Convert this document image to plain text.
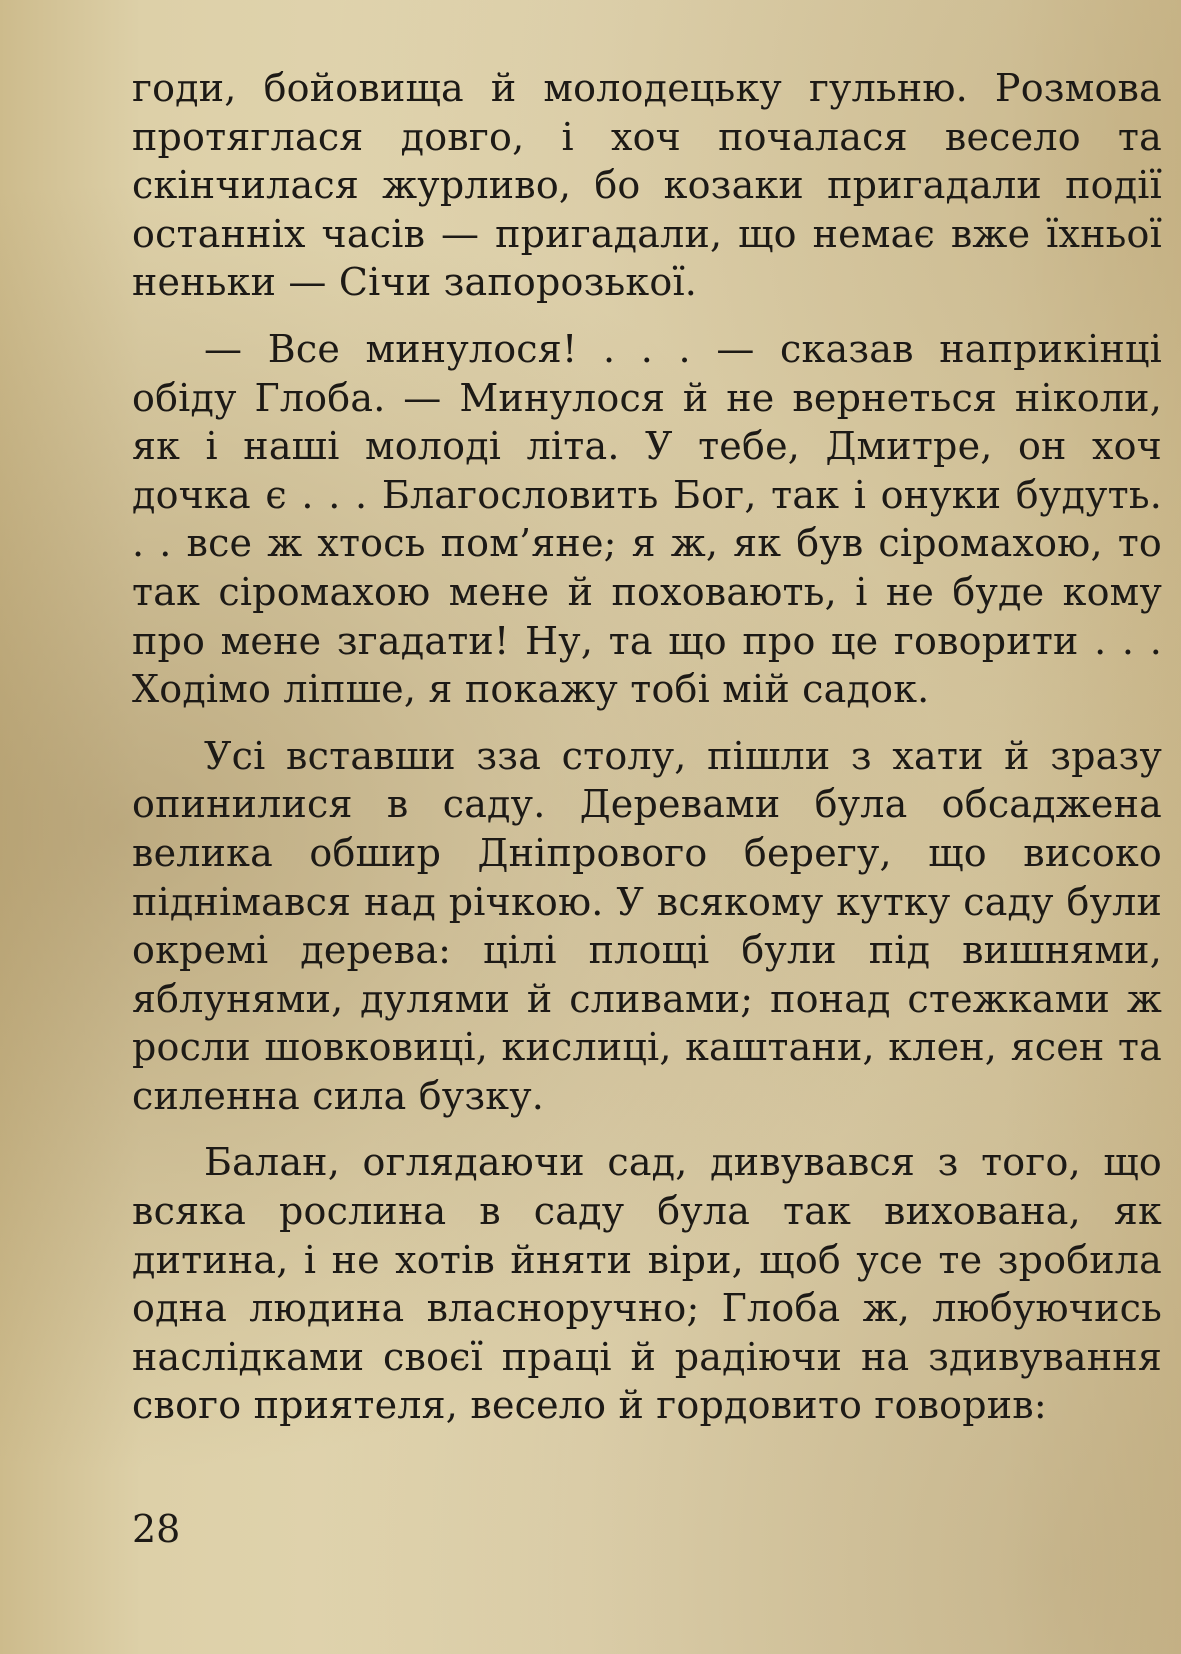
годи, бойовища й молодецьку гульню. Розмова протяглася довго, і хоч почалася весело та скінчилася журливо, бо козаки пригадали події останніх часів — пригадали, що немає вже їхньої неньки — Січи запорозької.

— Все минулося! . . . — сказав наприкінці обіду Глоба. — Минулося й не вернеться ніколи, як і наші молоді літа. У тебе, Дмитре, он хоч дочка є . . . Благословить Бог, так і онуки будуть. . . все ж хтось пом’яне; я ж, як був сіромахою, то так сіромахою мене й поховають, і не буде кому про мене згадати! Ну, та що про це говорити . . . Ходімо ліпше, я покажу тобі мій садок.

Усі вставши зза столу, пішли з хати й зразу опинилися в саду. Деревами була обсаджена велика обшир Дніпрового берегу, що високо піднімався над річкою. У всякому кутку саду були окремі дерева: цілі площі були під вишнями, яблунями, дулями й сливами; понад стежками ж росли шовковиці, кислиці, каштани, клен, ясен та силенна сила бузку.

Балан, оглядаючи сад, дивувався з того, що всяка рослина в саду була так вихована, як дитина, і не хотів йняти віри, щоб усе те зробила одна людина власноручно; Глоба ж, любуючись наслідками своєї праці й радіючи на здивування свого приятеля, весело й гордовито говорив:

28
